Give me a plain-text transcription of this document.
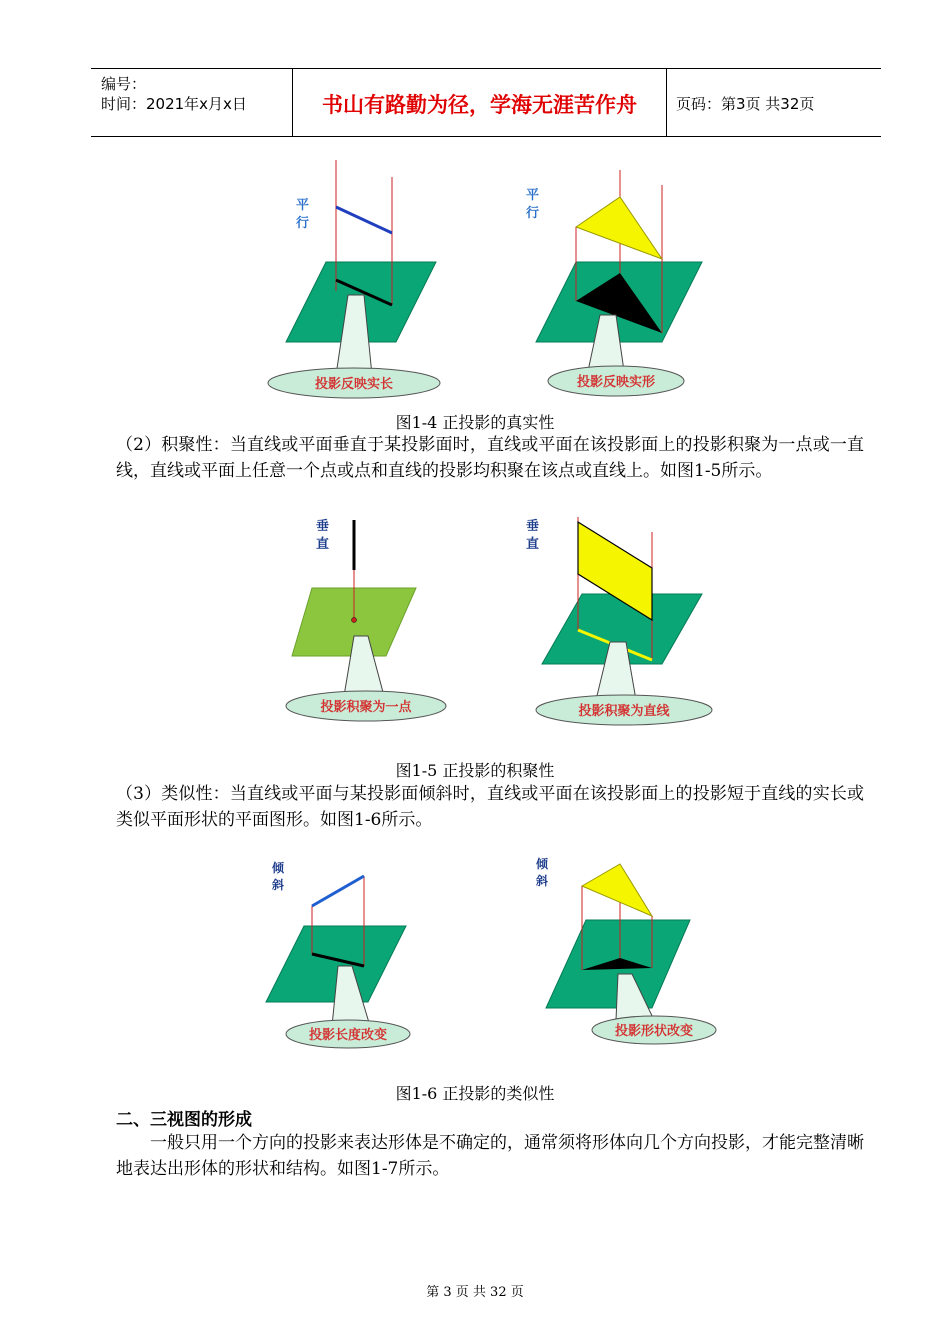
编号：
时间：2021年x月x日	书山有路勤为径，学海无涯苦作舟	页码：第3页 共32页
平
行
投影反映实长
平
行
投影反映实形
图1-4 正投影的真实性
（2）积聚性：当直线或平面垂直于某投影面时，直线或平面在该投影面上的投影积聚为一点或一直线，直线或平面上任意一个点或点和直线的投影均积聚在该点或直线上。如图1-5所示。
垂
直
投影积聚为一点
垂
直
投影积聚为直线
图1-5 正投影的积聚性
（3）类似性：当直线或平面与某投影面倾斜时，直线或平面在该投影面上的投影短于直线的实长或类似平面形状的平面图形。如图1-6所示。
倾
斜
投影长度改变
倾
斜
投影形状改变
图1-6 正投影的类似性
二、三视图的形成
一般只用一个方向的投影来表达形体是不确定的，通常须将形体向几个方向投影，才能完整清晰地表达出形体的形状和结构。如图1-7所示。
第 3 页 共 32 页
